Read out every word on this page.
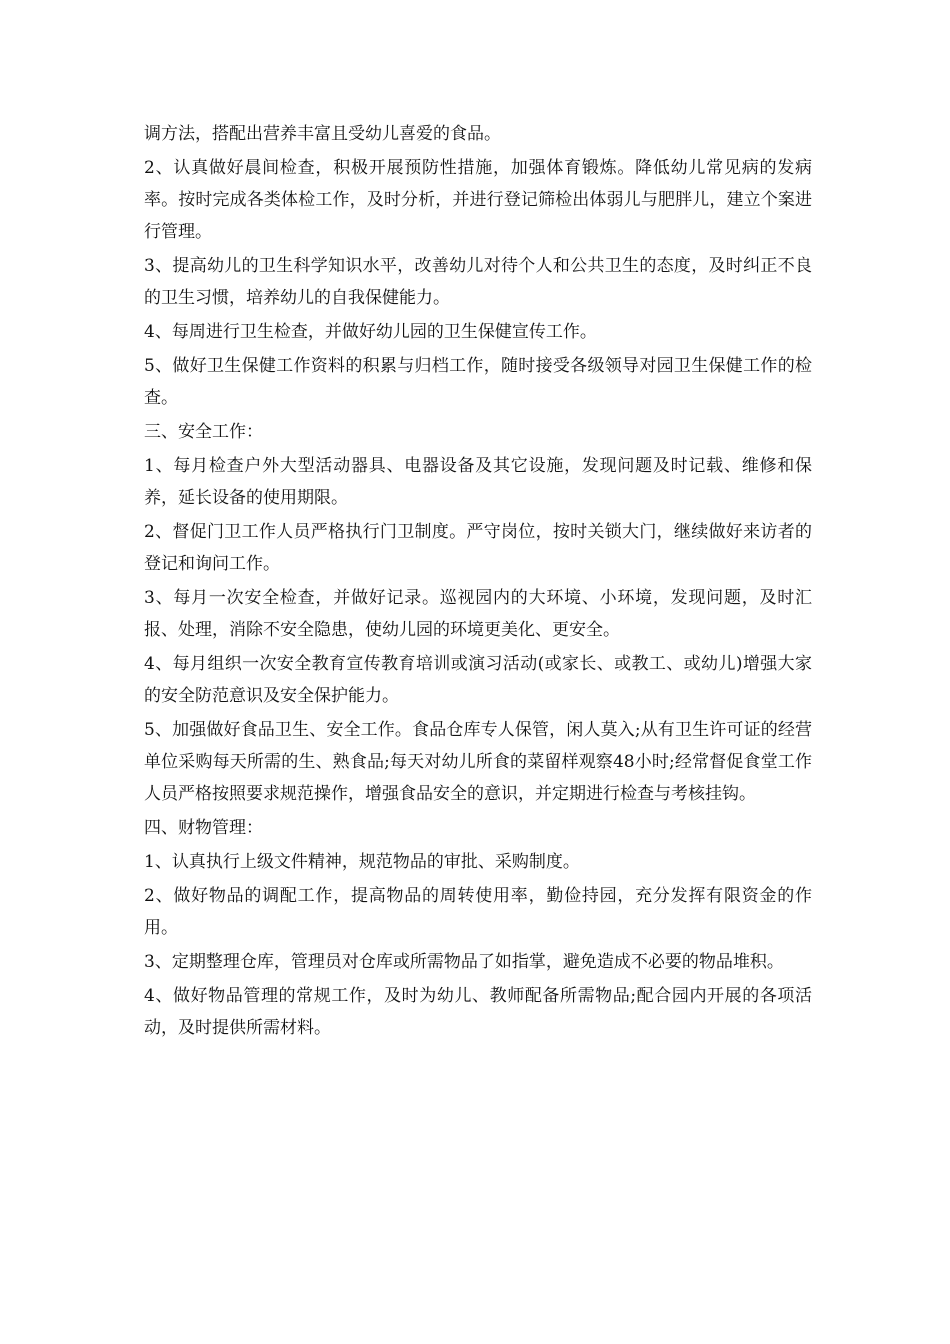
调方法，搭配出营养丰富且受幼儿喜爱的食品。

2、认真做好晨间检查，积极开展预防性措施，加强体育锻炼。降低幼儿常见病的发病率。按时完成各类体检工作，及时分析，并进行登记筛检出体弱儿与肥胖儿，建立个案进行管理。

3、提高幼儿的卫生科学知识水平，改善幼儿对待个人和公共卫生的态度，及时纠正不良的卫生习惯，培养幼儿的自我保健能力。

4、每周进行卫生检查，并做好幼儿园的卫生保健宣传工作。

5、做好卫生保健工作资料的积累与归档工作，随时接受各级领导对园卫生保健工作的检查。

三、安全工作：

1、每月检查户外大型活动器具、电器设备及其它设施，发现问题及时记载、维修和保养，延长设备的使用期限。

2、督促门卫工作人员严格执行门卫制度。严守岗位，按时关锁大门，继续做好来访者的登记和询问工作。

3、每月一次安全检查，并做好记录。巡视园内的大环境、小环境，发现问题，及时汇报、处理，消除不安全隐患，使幼儿园的环境更美化、更安全。

4、每月组织一次安全教育宣传教育培训或演习活动(或家长、或教工、或幼儿)增强大家的安全防范意识及安全保护能力。

5、加强做好食品卫生、安全工作。食品仓库专人保管，闲人莫入;从有卫生许可证的经营单位采购每天所需的生、熟食品;每天对幼儿所食的菜留样观察48小时;经常督促食堂工作人员严格按照要求规范操作，增强食品安全的意识，并定期进行检查与考核挂钩。

四、财物管理：

1、认真执行上级文件精神，规范物品的审批、采购制度。

2、做好物品的调配工作，提高物品的周转使用率，勤俭持园，充分发挥有限资金的作用。

3、定期整理仓库，管理员对仓库或所需物品了如指掌，避免造成不必要的物品堆积。

4、做好物品管理的常规工作，及时为幼儿、教师配备所需物品;配合园内开展的各项活动，及时提供所需材料。
